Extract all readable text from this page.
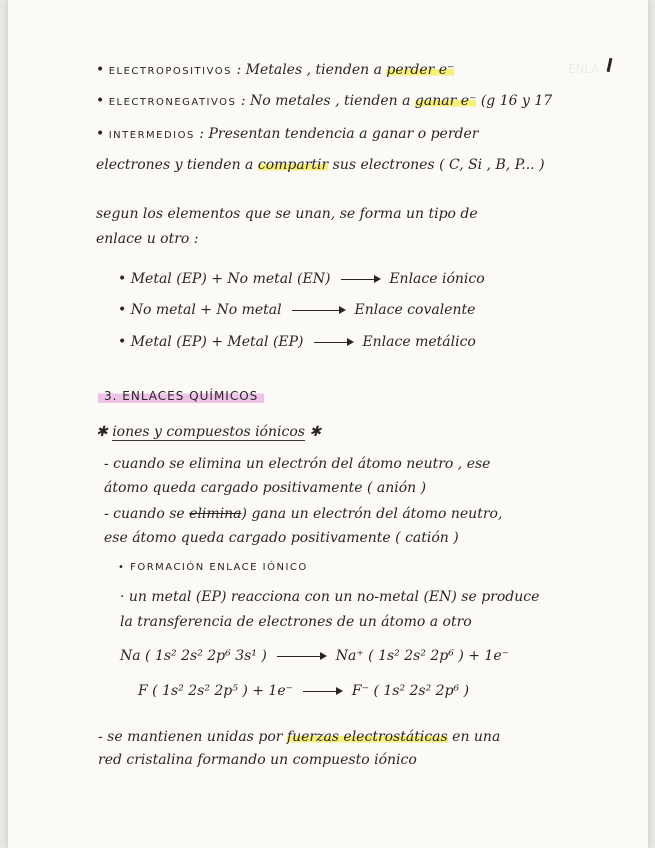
ENLA
• ELECTROPOSITIVOS : Metales , tienden a perder e⁻
• ELECTRONEGATIVOS : No metales , tienden a ganar e⁻ (g 16 y 17
• INTERMEDIOS : Presentan tendencia a ganar o perder
electrones y tienden a compartir sus electrones ( C, Si , B, P... )
segun los elementos que se unan, se forma un tipo de
enlace u otro :
• Metal (EP) + No metal (EN)	Enlace iónico
• No metal + No metal	Enlace covalente
• Metal (EP) + Metal (EP)	Enlace metálico
3. ENLACES QUÍMICOS
✱ iones y compuestos iónicos ✱
- cuando se elimina un electrón del átomo neutro , ese
átomo queda cargado positivamente ( anión )
- cuando se elimina) gana un electrón del átomo neutro,
ese átomo queda cargado positivamente ( catión )
• FORMACIÓN ENLACE IÓNICO
· un metal (EP) reacciona con un no-metal (EN) se produce
la transferencia de electrones de un átomo a otro
Na ( 1s² 2s² 2p⁶ 3s¹ )	Na⁺ ( 1s² 2s² 2p⁶ ) + 1e⁻
F ( 1s² 2s² 2p⁵ ) + 1e⁻	F⁻ ( 1s² 2s² 2p⁶ )
- se mantienen unidas por fuerzas electrostáticas en una
red cristalina formando un compuesto iónico
